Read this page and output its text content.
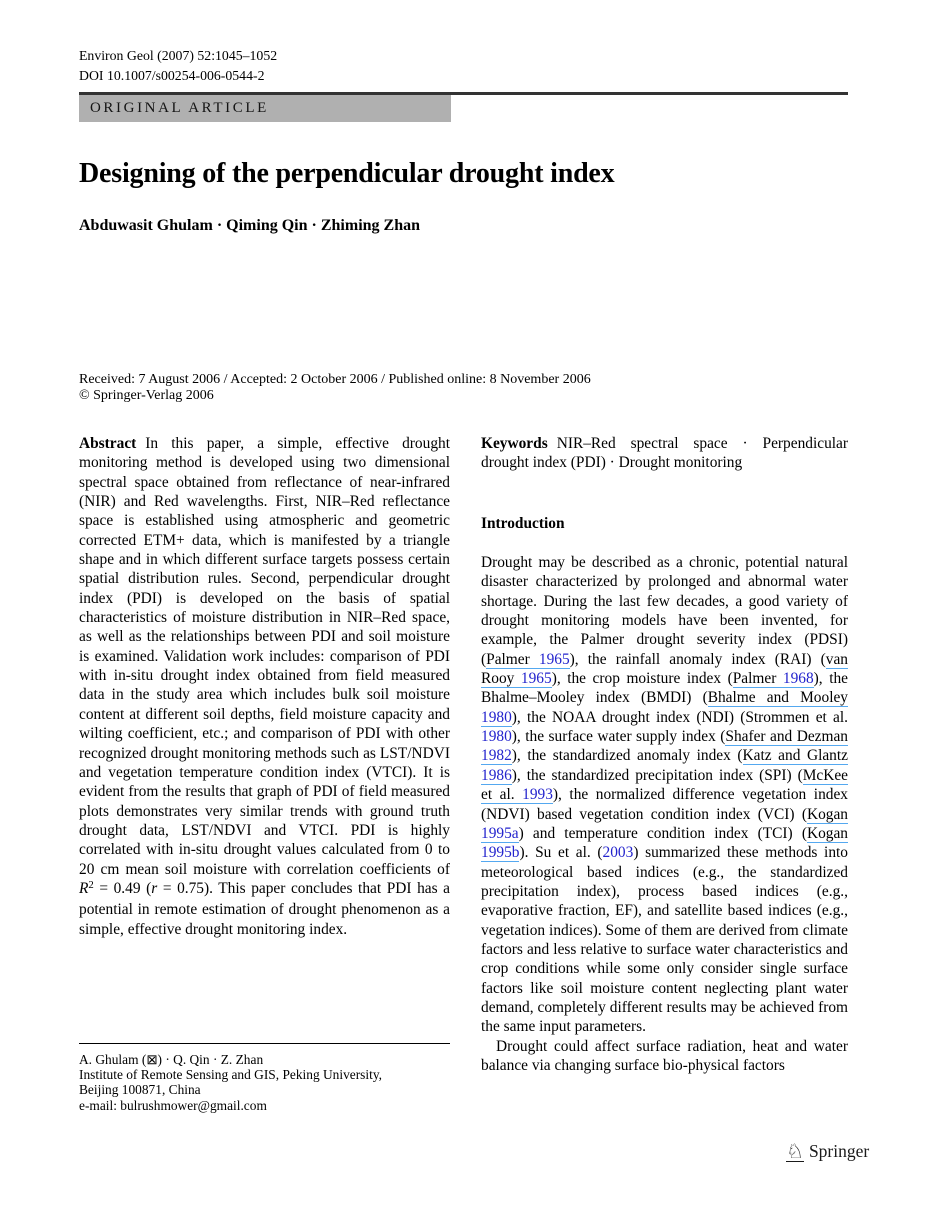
Environ Geol (2007) 52:1045–1052
DOI 10.1007/s00254-006-0544-2
ORIGINAL ARTICLE
Designing of the perpendicular drought index
Abduwasit Ghulam · Qiming Qin · Zhiming Zhan
Received: 7 August 2006 / Accepted: 2 October 2006 / Published online: 8 November 2006
© Springer-Verlag 2006

Abstract In this paper, a simple, effective drought monitoring method is developed using two dimensional spectral space obtained from reflectance of near-infrared (NIR) and Red wavelengths. First, NIR–Red reflectance space is established using atmospheric and geometric corrected ETM+ data, which is manifested by a triangle shape and in which different surface targets possess certain spatial distribution rules. Second, perpendicular drought index (PDI) is developed on the basis of spatial characteristics of moisture distribution in NIR–Red space, as well as the relationships between PDI and soil moisture is examined. Validation work includes: comparison of PDI with in-situ drought index obtained from field measured data in the study area which includes bulk soil moisture content at different soil depths, field moisture capacity and wilting coefficient, etc.; and comparison of PDI with other recognized drought monitoring methods such as LST/NDVI and vegetation temperature condition index (VTCI). It is evident from the results that graph of PDI of field measured plots demonstrates very similar trends with ground truth drought data, LST/NDVI and VTCI. PDI is highly correlated with in-situ drought values calculated from 0 to 20 cm mean soil moisture with correlation coefficients of $R^2 = 0.49$ (r = 0.75). This paper concludes that PDI has a potential in remote estimation of drought phenomenon as a simple, effective drought monitoring index.

Keywords NIR–Red spectral space · Perpendicular drought index (PDI) · Drought monitoring

Introduction

Drought may be described as a chronic, potential natural disaster characterized by prolonged and abnormal water shortage. During the last few decades, a good variety of drought monitoring models have been invented, for example, the Palmer drought severity index (PDSI) (Palmer 1965), the rainfall anomaly index (RAI) (van Rooy 1965), the crop moisture index (Palmer 1968), the Bhalme–Mooley index (BMDI) (Bhalme and Mooley 1980), the NOAA drought index (NDI) (Strommen et al. 1980), the surface water supply index (Shafer and Dezman 1982), the standardized anomaly index (Katz and Glantz 1986), the standardized precipitation index (SPI) (McKee et al. 1993), the normalized difference vegetation index (NDVI) based vegetation condition index (VCI) (Kogan 1995a) and temperature condition index (TCI) (Kogan 1995b). Su et al. (2003) summarized these methods into meteorological based indices (e.g., the standardized precipitation index), process based indices (e.g., evaporative fraction, EF), and satellite based indices (e.g., vegetation indices). Some of them are derived from climate factors and less relative to surface water characteristics and crop conditions while some only consider single surface factors like soil moisture content neglecting plant water demand, completely different results may be achieved from the same input parameters.

Drought could affect surface radiation, heat and water balance via changing surface bio-physical factors

A. Ghulam (⊠) · Q. Qin · Z. Zhan
Institute of Remote Sensing and GIS, Peking University,
Beijing 100871, China
e-mail: bulrushmower@gmail.com
♘ Springer
